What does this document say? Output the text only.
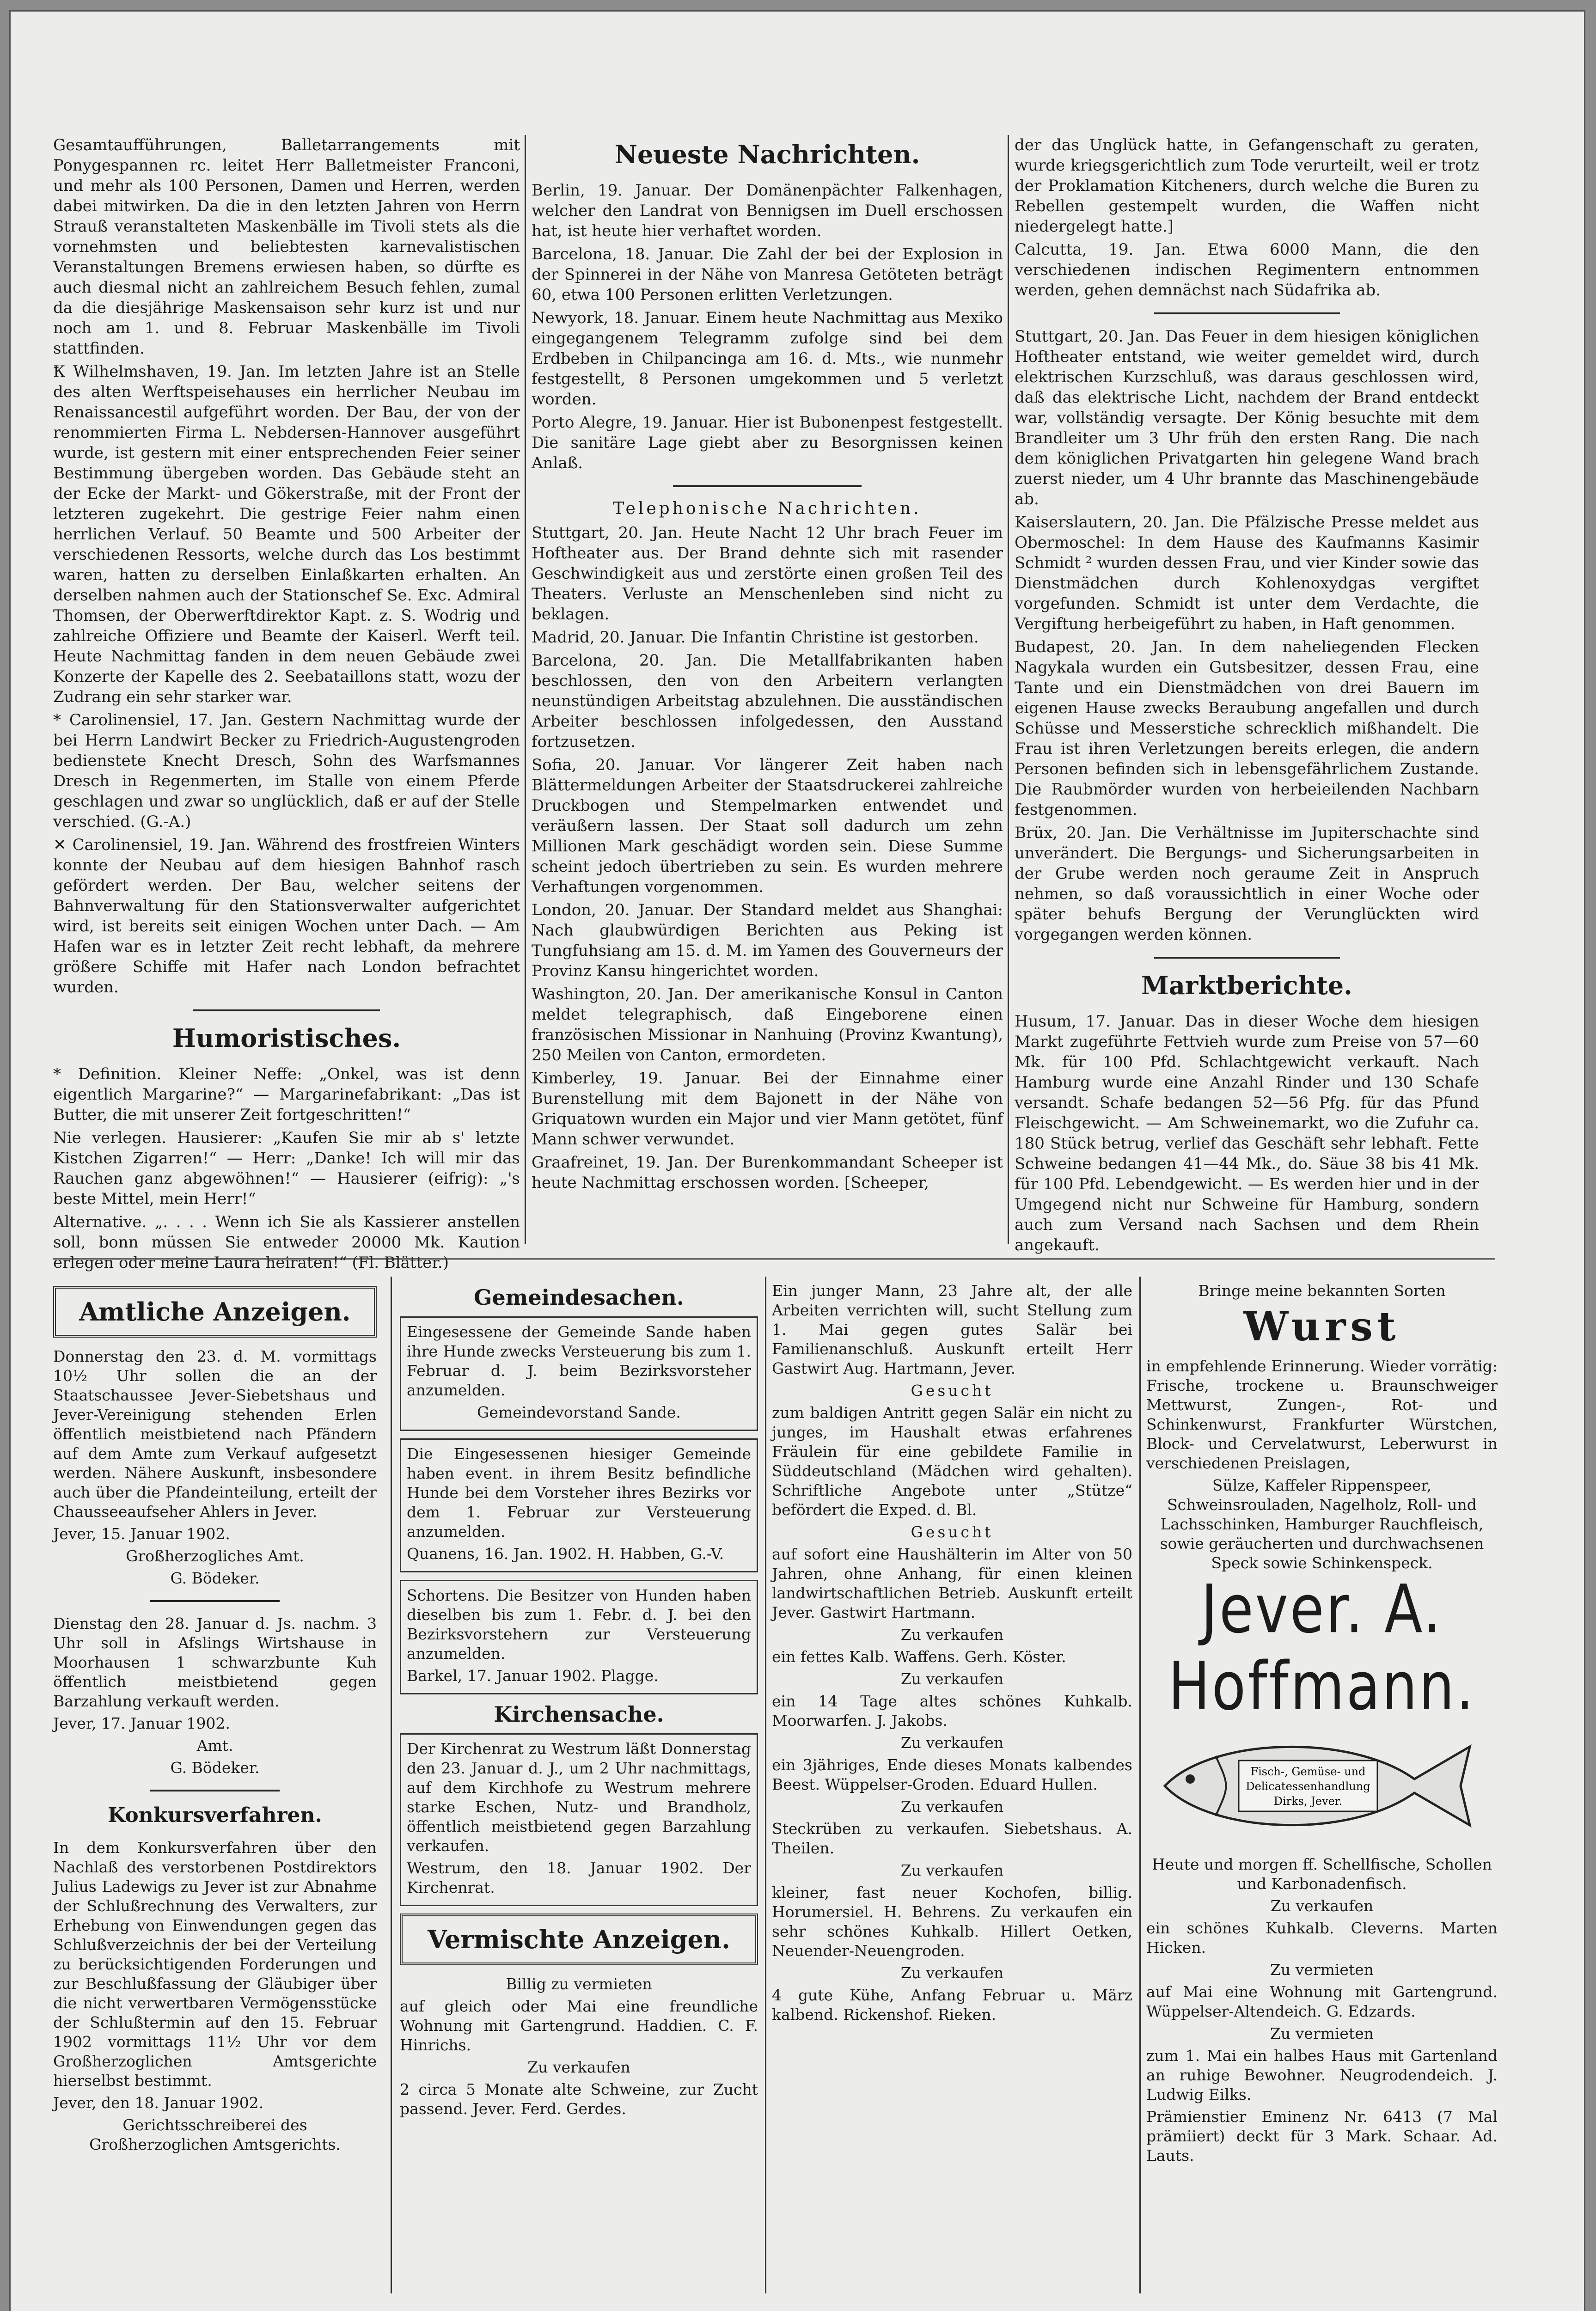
Gesamtaufführungen, Balletarrangements mit Ponygespannen rc. leitet Herr Balletmeister Franconi, und mehr als 100 Personen, Damen und Herren, werden dabei mitwirken. Da die in den letzten Jahren von Herrn Strauß veranstalteten Maskenbälle im Tivoli stets als die vornehmsten und beliebtesten karnevalistischen Veranstaltungen Bremens erwiesen haben, so dürfte es auch diesmal nicht an zahlreichem Besuch fehlen, zumal da die diesjährige Maskensaison sehr kurz ist und nur noch am 1. und 8. Februar Maskenbälle im Tivoli stattfinden.

Ꝁ Wilhelmshaven, 19. Jan. Im letzten Jahre ist an Stelle des alten Werftspeisehauses ein herrlicher Neubau im Renaissancestil aufgeführt worden. Der Bau, der von der renommierten Firma L. Nebdersen-Hannover ausgeführt wurde, ist gestern mit einer entsprechenden Feier seiner Bestimmung übergeben worden. Das Gebäude steht an der Ecke der Markt- und Gökerstraße, mit der Front der letzteren zugekehrt. Die gestrige Feier nahm einen herrlichen Verlauf. 50 Beamte und 500 Arbeiter der verschiedenen Ressorts, welche durch das Los bestimmt waren, hatten zu derselben Einlaßkarten erhalten. An derselben nahmen auch der Stationschef Se. Exc. Admiral Thomsen, der Oberwerftdirektor Kapt. z. S. Wodrig und zahlreiche Offiziere und Beamte der Kaiserl. Werft teil. Heute Nachmittag fanden in dem neuen Gebäude zwei Konzerte der Kapelle des 2. Seebataillons statt, wozu der Zudrang ein sehr starker war.

* Carolinensiel, 17. Jan. Gestern Nachmittag wurde der bei Herrn Landwirt Becker zu Friedrich-Augustengroden bedienstete Knecht Dresch, Sohn des Warfsmannes Dresch in Regenmerten, im Stalle von einem Pferde geschlagen und zwar so unglücklich, daß er auf der Stelle verschied. (G.-A.)

✕ Carolinensiel, 19. Jan. Während des frostfreien Winters konnte der Neubau auf dem hiesigen Bahnhof rasch gefördert werden. Der Bau, welcher seitens der Bahnverwaltung für den Stationsverwalter aufgerichtet wird, ist bereits seit einigen Wochen unter Dach. — Am Hafen war es in letzter Zeit recht lebhaft, da mehrere größere Schiffe mit Hafer nach London befrachtet wurden.

Humoristisches.

* Definition. Kleiner Neffe: „Onkel, was ist denn eigentlich Margarine?“ — Margarinefabrikant: „Das ist Butter, die mit unserer Zeit fortgeschritten!“

Nie verlegen. Hausierer: „Kaufen Sie mir ab s' letzte Kistchen Zigarren!“ — Herr: „Danke! Ich will mir das Rauchen ganz abgewöhnen!“ — Hausierer (eifrig): „'s beste Mittel, mein Herr!“

Alternative. „. . . . Wenn ich Sie als Kassierer anstellen soll, bonn müssen Sie entweder 20000 Mk. Kaution erlegen oder meine Laura heiraten!“ (Fl. Blätter.)

Neueste Nachrichten.

Berlin, 19. Januar. Der Domänenpächter Falkenhagen, welcher den Landrat von Bennigsen im Duell erschossen hat, ist heute hier verhaftet worden.

Barcelona, 18. Januar. Die Zahl der bei der Explosion in der Spinnerei in der Nähe von Manresa Getöteten beträgt 60, etwa 100 Personen erlitten Verletzungen.

Newyork, 18. Januar. Einem heute Nachmittag aus Mexiko eingegangenem Telegramm zufolge sind bei dem Erdbeben in Chilpancinga am 16. d. Mts., wie nunmehr festgestellt, 8 Personen umgekommen und 5 verletzt worden.

Porto Alegre, 19. Januar. Hier ist Bubonenpest festgestellt. Die sanitäre Lage giebt aber zu Besorgnissen keinen Anlaß.

Telephonische Nachrichten.

Stuttgart, 20. Jan. Heute Nacht 12 Uhr brach Feuer im Hoftheater aus. Der Brand dehnte sich mit rasender Geschwindigkeit aus und zerstörte einen großen Teil des Theaters. Verluste an Menschenleben sind nicht zu beklagen.

Madrid, 20. Januar. Die Infantin Christine ist gestorben.

Barcelona, 20. Jan. Die Metallfabrikanten haben beschlossen, den von den Arbeitern verlangten neunstündigen Arbeitstag abzulehnen. Die ausständischen Arbeiter beschlossen infolgedessen, den Ausstand fortzusetzen.

Sofia, 20. Januar. Vor längerer Zeit haben nach Blättermeldungen Arbeiter der Staatsdruckerei zahlreiche Druckbogen und Stempelmarken entwendet und veräußern lassen. Der Staat soll dadurch um zehn Millionen Mark geschädigt worden sein. Diese Summe scheint jedoch übertrieben zu sein. Es wurden mehrere Verhaftungen vorgenommen.

London, 20. Januar. Der Standard meldet aus Shanghai: Nach glaubwürdigen Berichten aus Peking ist Tungfuhsiang am 15. d. M. im Yamen des Gouverneurs der Provinz Kansu hingerichtet worden.

Washington, 20. Jan. Der amerikanische Konsul in Canton meldet telegraphisch, daß Eingeborene einen französischen Missionar in Nanhuing (Provinz Kwantung), 250 Meilen von Canton, ermordeten.

Kimberley, 19. Januar. Bei der Einnahme einer Burenstellung mit dem Bajonett in der Nähe von Griquatown wurden ein Major und vier Mann getötet, fünf Mann schwer verwundet.

Graafreinet, 19. Jan. Der Burenkommandant Scheeper ist heute Nachmittag erschossen worden. [Scheeper,

der das Unglück hatte, in Gefangenschaft zu geraten, wurde kriegsgerichtlich zum Tode verurteilt, weil er trotz der Proklamation Kitcheners, durch welche die Buren zu Rebellen gestempelt wurden, die Waffen nicht niedergelegt hatte.]

Calcutta, 19. Jan. Etwa 6000 Mann, die den verschiedenen indischen Regimentern entnommen werden, gehen demnächst nach Südafrika ab.

Stuttgart, 20. Jan. Das Feuer in dem hiesigen königlichen Hoftheater entstand, wie weiter gemeldet wird, durch elektrischen Kurzschluß, was daraus geschlossen wird, daß das elektrische Licht, nachdem der Brand entdeckt war, vollständig versagte. Der König besuchte mit dem Brandleiter um 3 Uhr früh den ersten Rang. Die nach dem königlichen Privatgarten hin gelegene Wand brach zuerst nieder, um 4 Uhr brannte das Maschinengebäude ab.

Kaiserslautern, 20. Jan. Die Pfälzische Presse meldet aus Obermoschel: In dem Hause des Kaufmanns Kasimir Schmidt ² wurden dessen Frau, und vier Kinder sowie das Dienstmädchen durch Kohlenoxydgas vergiftet vorgefunden. Schmidt ist unter dem Verdachte, die Vergiftung herbeigeführt zu haben, in Haft genommen.

Budapest, 20. Jan. In dem naheliegenden Flecken Nagykala wurden ein Gutsbesitzer, dessen Frau, eine Tante und ein Dienstmädchen von drei Bauern im eigenen Hause zwecks Beraubung angefallen und durch Schüsse und Messerstiche schrecklich mißhandelt. Die Frau ist ihren Verletzungen bereits erlegen, die andern Personen befinden sich in lebensgefährlichem Zustande. Die Raubmörder wurden von herbeieilenden Nachbarn festgenommen.

Brüx, 20. Jan. Die Verhältnisse im Jupiterschachte sind unverändert. Die Bergungs- und Sicherungsarbeiten in der Grube werden noch geraume Zeit in Anspruch nehmen, so daß voraussichtlich in einer Woche oder später behufs Bergung der Verunglückten wird vorgegangen werden können.

Marktberichte.

Husum, 17. Januar. Das in dieser Woche dem hiesigen Markt zugeführte Fettvieh wurde zum Preise von 57—60 Mk. für 100 Pfd. Schlachtgewicht verkauft. Nach Hamburg wurde eine Anzahl Rinder und 130 Schafe versandt. Schafe bedangen 52—56 Pfg. für das Pfund Fleischgewicht. — Am Schweinemarkt, wo die Zufuhr ca. 180 Stück betrug, verlief das Geschäft sehr lebhaft. Fette Schweine bedangen 41—44 Mk., do. Säue 38 bis 41 Mk. für 100 Pfd. Lebendgewicht. — Es werden hier und in der Umgegend nicht nur Schweine für Hamburg, sondern auch zum Versand nach Sachsen und dem Rhein angekauft.

Amtliche Anzeigen.

Donnerstag den 23. d. M. vormittags 10½ Uhr sollen die an der Staatschaussee Jever-Siebetshaus und Jever-Vereinigung stehenden Erlen öffentlich meistbietend nach Pfändern auf dem Amte zum Verkauf aufgesetzt werden. Nähere Auskunft, insbesondere auch über die Pfandeinteilung, erteilt der Chausseeaufseher Ahlers in Jever.

Jever, 15. Januar 1902.

Großherzogliches Amt.

G. Bödeker.

Dienstag den 28. Januar d. Js. nachm. 3 Uhr soll in Afslings Wirtshause in Moorhausen 1 schwarzbunte Kuh öffentlich meistbietend gegen Barzahlung verkauft werden.

Jever, 17. Januar 1902.

Amt.

G. Bödeker.

Konkursverfahren.

In dem Konkursverfahren über den Nachlaß des verstorbenen Postdirektors Julius Ladewigs zu Jever ist zur Abnahme der Schlußrechnung des Verwalters, zur Erhebung von Einwendungen gegen das Schlußverzeichnis der bei der Verteilung zu berücksichtigenden Forderungen und zur Beschlußfassung der Gläubiger über die nicht verwertbaren Vermögensstücke der Schlußtermin auf den 15. Februar 1902 vormittags 11½ Uhr vor dem Großherzoglichen Amtsgerichte hierselbst bestimmt.

Jever, den 18. Januar 1902.

Gerichtsschreiberei des Großherzoglichen Amtsgerichts.

Gemeindesachen.

Eingesessene der Gemeinde Sande haben ihre Hunde zwecks Versteuerung bis zum 1. Februar d. J. beim Bezirksvorsteher anzumelden.

Gemeindevorstand Sande.

Die Eingesessenen hiesiger Gemeinde haben event. in ihrem Besitz befindliche Hunde bei dem Vorsteher ihres Bezirks vor dem 1. Februar zur Versteuerung anzumelden.

Quanens, 16. Jan. 1902. H. Habben, G.-V.

Schortens. Die Besitzer von Hunden haben dieselben bis zum 1. Febr. d. J. bei den Bezirksvorstehern zur Versteuerung anzumelden.

Barkel, 17. Januar 1902. Plagge.

Kirchensache.

Der Kirchenrat zu Westrum läßt Donnerstag den 23. Januar d. J., um 2 Uhr nachmittags, auf dem Kirchhofe zu Westrum mehrere starke Eschen, Nutz- und Brandholz, öffentlich meistbietend gegen Barzahlung verkaufen.

Westrum, den 18. Januar 1902. Der Kirchenrat.

Vermischte Anzeigen.

Billig zu vermieten

auf gleich oder Mai eine freundliche Wohnung mit Gartengrund. Haddien. C. F. Hinrichs.

Zu verkaufen

2 circa 5 Monate alte Schweine, zur Zucht passend. Jever. Ferd. Gerdes.

Ein junger Mann, 23 Jahre alt, der alle Arbeiten verrichten will, sucht Stellung zum 1. Mai gegen gutes Salär bei Familienanschluß. Auskunft erteilt Herr Gastwirt Aug. Hartmann, Jever.

Gesucht

zum baldigen Antritt gegen Salär ein nicht zu junges, im Haushalt etwas erfahrenes Fräulein für eine gebildete Familie in Süddeutschland (Mädchen wird gehalten). Schriftliche Angebote unter „Stütze“ befördert die Exped. d. Bl.

Gesucht

auf sofort eine Haushälterin im Alter von 50 Jahren, ohne Anhang, für einen kleinen landwirtschaftlichen Betrieb. Auskunft erteilt Jever. Gastwirt Hartmann.

Zu verkaufen

ein fettes Kalb. Waffens. Gerh. Köster.

Zu verkaufen

ein 14 Tage altes schönes Kuhkalb. Moorwarfen. J. Jakobs.

Zu verkaufen

ein 3jähriges, Ende dieses Monats kalbendes Beest. Wüppelser-Groden. Eduard Hullen.

Zu verkaufen

Steckrüben zu verkaufen. Siebetshaus. A. Theilen.

Zu verkaufen

kleiner, fast neuer Kochofen, billig. Horumersiel. H. Behrens. Zu verkaufen ein sehr schönes Kuhkalb. Hillert Oetken, Neuender-Neuengroden.

Zu verkaufen

4 gute Kühe, Anfang Februar u. März kalbend. Rickenshof. Rieken.

Bringe meine bekannten Sorten

Wurst

in empfehlende Erinnerung. Wieder vorrätig: Frische, trockene u. Braunschweiger Mettwurst, Zungen-, Rot- und Schinkenwurst, Frankfurter Würstchen, Block- und Cervelatwurst, Leberwurst in verschiedenen Preislagen,

Sülze, Kaffeler Rippenspeer, Schweinsrouladen, Nagelholz, Roll- und Lachsschinken, Hamburger Rauchfleisch, sowie geräucherten und durchwachsenen Speck sowie Schinkenspeck.

Jever. A. Hoffmann.
Fisch-, Gemüse- und
Delicatessenhandlung
Dirks, Jever.

Heute und morgen ff. Schellfische, Schollen und Karbonadenfisch.

Zu verkaufen

ein schönes Kuhkalb. Cleverns. Marten Hicken.

Zu vermieten

auf Mai eine Wohnung mit Gartengrund. Wüppelser-Altendeich. G. Edzards.

Zu vermieten

zum 1. Mai ein halbes Haus mit Gartenland an ruhige Bewohner. Neugrodendeich. J. Ludwig Eilks.

Prämienstier Eminenz Nr. 6413 (7 Mal prämiiert) deckt für 3 Mark. Schaar. Ad. Lauts.
